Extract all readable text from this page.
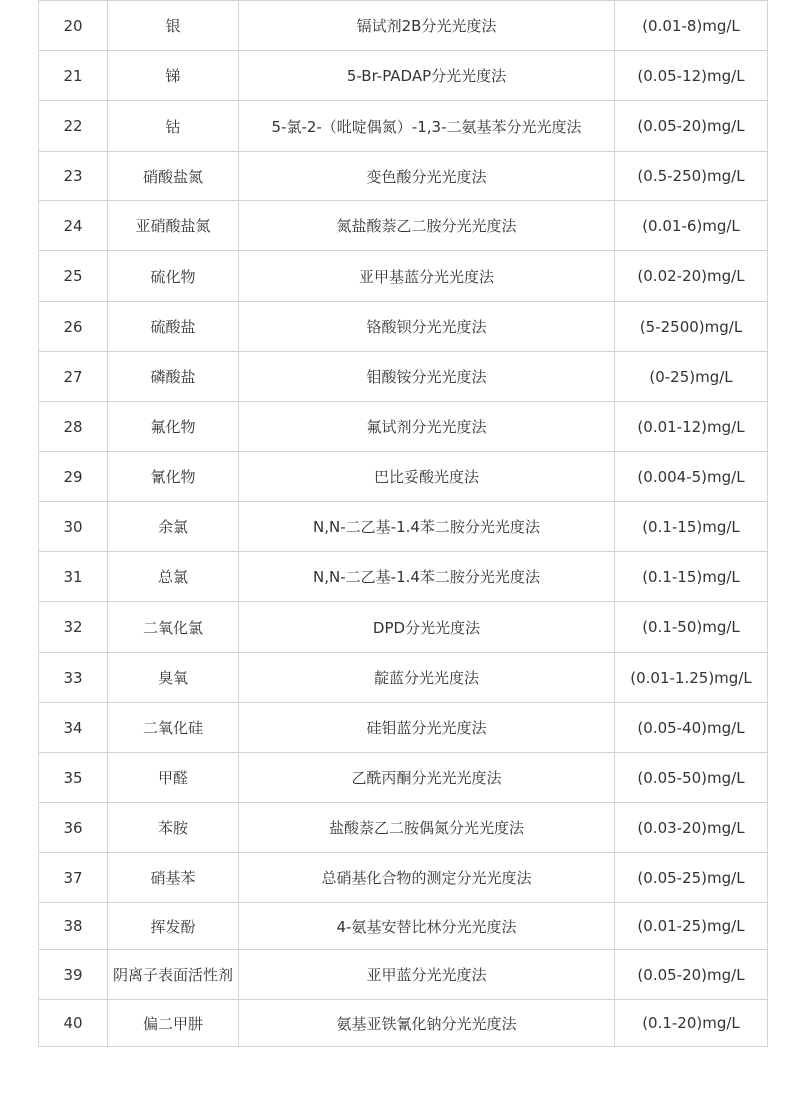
20	银	镉试剂2B分光光度法	(0.01-8)mg/L
21	锑	5-Br-PADAP分光光度法	(0.05-12)mg/L
22	钴	5-氯-2-（吡啶偶氮）-1,3-二氨基苯分光光度法	(0.05-20)mg/L
23	硝酸盐氮	变色酸分光光度法	(0.5-250)mg/L
24	亚硝酸盐氮	氮盐酸萘乙二胺分光光度法	(0.01-6)mg/L
25	硫化物	亚甲基蓝分光光度法	(0.02-20)mg/L
26	硫酸盐	铬酸钡分光光度法	(5-2500)mg/L
27	磷酸盐	钼酸铵分光光度法	(0-25)mg/L
28	氟化物	氟试剂分光光度法	(0.01-12)mg/L
29	氰化物	巴比妥酸光度法	(0.004-5)mg/L
30	余氯	N,N-二乙基-1.4苯二胺分光光度法	(0.1-15)mg/L
31	总氯	N,N-二乙基-1.4苯二胺分光光度法	(0.1-15)mg/L
32	二氧化氯	DPD分光光度法	(0.1-50)mg/L
33	臭氧	靛蓝分光光度法	(0.01-1.25)mg/L
34	二氧化硅	硅钼蓝分光光度法	(0.05-40)mg/L
35	甲醛	乙酰丙酮分光光光度法	(0.05-50)mg/L
36	苯胺	盐酸萘乙二胺偶氮分光光度法	(0.03-20)mg/L
37	硝基苯	总硝基化合物的测定分光光度法	(0.05-25)mg/L
38	挥发酚	4-氨基安替比林分光光度法	(0.01-25)mg/L
39	阴离子表面活性剂	亚甲蓝分光光度法	(0.05-20)mg/L
40	偏二甲肼	氨基亚铁氰化钠分光光度法	(0.1-20)mg/L
